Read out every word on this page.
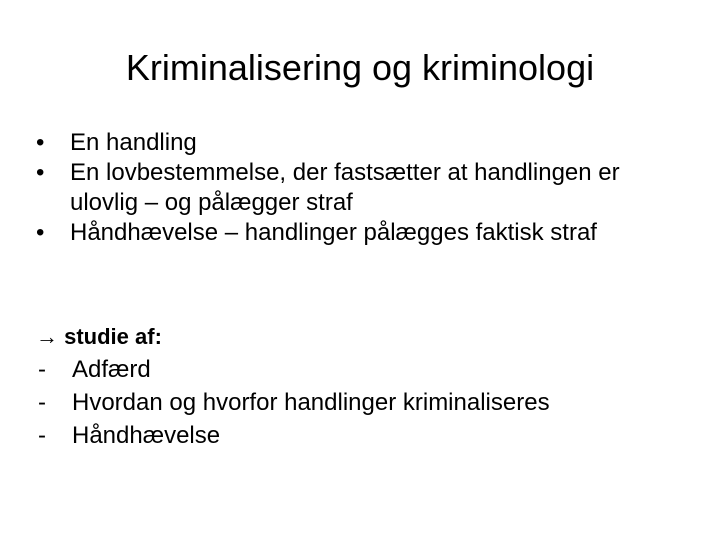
Kriminalisering og kriminologi
•	En handling
•	En lovbestemmelse, der fastsætter at handlingen er ulovlig – og pålægger straf
•	Håndhævelse – handlinger pålægges faktisk straf
→ studie af:
- Adfærd
- Hvordan og hvorfor handlinger kriminaliseres
- Håndhævelse
